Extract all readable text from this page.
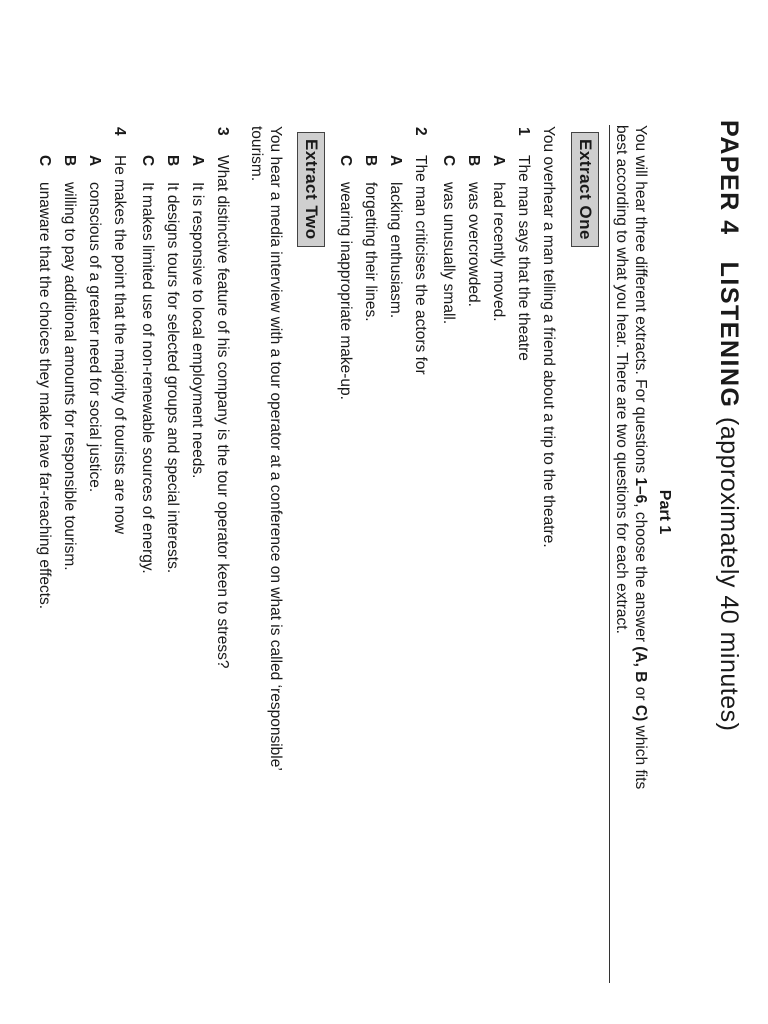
PAPER 4LISTENING (approximately 40 minutes)
Part 1
You will hear three different extracts. For questions 1–6, choose the answer (A, B or C) which fits
best according to what you hear. There are two questions for each extract.
Extract One
You overhear a man telling a friend about a trip to the theatre.
1
The man says that the theatre
A
had recently moved.
B
was overcrowded.
C
was unusually small.
2
The man criticises the actors for
A
lacking enthusiasm.
B
forgetting their lines.
C
wearing inappropriate make-up.
Extract Two
You hear a media interview with a tour operator at a conference on what is called ‘responsible’
tourism.
3
What distinctive feature of his company is the tour operator keen to stress?
A
It is responsive to local employment needs.
B
It designs tours for selected groups and special interests.
C
It makes limited use of non-renewable sources of energy.
4
He makes the point that the majority of tourists are now
A
conscious of a greater need for social justice.
B
willing to pay additional amounts for responsible tourism.
C
unaware that the choices they make have far-reaching effects.
